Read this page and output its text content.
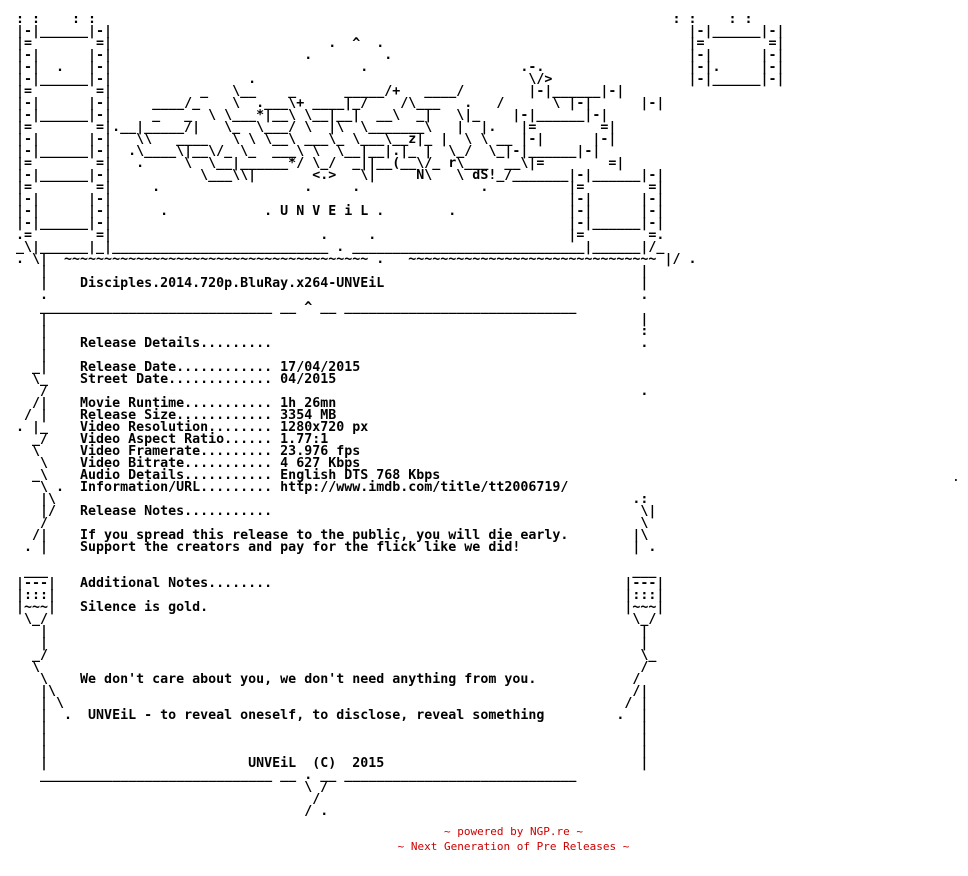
: :    : :                                                                        : :    : :
|-|______|-|                                                                        |-|______|-|
|=        =|                           .  ^  .                                      |=        =|
|-|      |-|                        .         .                                     |-|      |-|
|-|  .   |-|                               .                   .-.                  |-|.     |-|
|-|______|-|                 .                                  \/>                 |-|______|-|
|=        =|           _   \__    _      _____/+   ____/        |-|______|-|
|-|      |-|     ____/_    \  .___\+ ____|_/    /\___   .   /      \ |-|      |-|
|-|______|-|     _   _  \ \___*|__\ \__|__|  __\  _|   \|_    |-|______|-|
|=        =|.__|_____/|   \_  \___/ \  |\  \_______\   |  |.   |=        =|
|-|      |-|   \\   ____   \ \ \__\ ___\_ \___\__z|_ |  \ \ __ |-|      |-|
|-|______|-|  .\____\|__\/_ \_  ___\ \  \__|__|.|_ |  \_/  \_|-|______|-|
|=        =|   .     \  \__|______*/ \_/  _||__(__\/_ r\___  __\|=        =|
|-|______|-|           \___\\|       <.>   \|     N\   \ dS!_/_______|-|______|-|
|=        =|     .                  .     .               .          |=        =|
|-|      |-|                                                         |-|      |-|
|-|      |-|      .            . U N V E i L .        .              |-|      |-|
|-|______|-|                                                         |-|______|-|
.=        =|                          .     .                        |=        =.
_\|______|_|___________________________ . _____________________________|______|/_
. \|  ~~~~~~~~~~~~~~~~~~~~~~~~~~~~~~~~~~~~~~ .   ~~~~~~~~~~~~~~~~~~~~~~~~~~~~~~~ |/ .
|                                                                          |
|    Disciples.2014.720p.BluRay.x264-UNVEiL                                |
.                                                                          .
_____________________________ __ ^ __ _____________________________
|                                                                          |
|                                                                          :
|    Release Details.........                                              .
|
_|    Release Date............ 17/04/2015
\_    Street Date............. 04/2015
/                                                                          .
/|    Movie Runtime........... 1h 26mn
/ |    Release Size............ 3354 MB
. |_    Video Resolution........ 1280x720 px
_/    Video Aspect Ratio...... 1.77:1
\     Video Framerate......... 23.976 fps
\    Video Bitrate........... 4 627 Kbps
_\    Audio Details........... English DTS 768 Kbps
\ .  Information/URL......... http://www.imdb.com/title/tt2006719/
|\                                                                        .:
|/   Release Notes...........                                              \|
/                                                                          \
/|    If you spread this release to the public, you will die early.        |\
. |    Support the creators and pay for the flick like we did!              | .

___                                                                         ___
|---|   Additional Notes........                                            |---|
|:::|                                                                       |:::|
|~~~|   Silence is gold.                                                    |~~~|
\_/                                                                         \_/
|                                                                          |
|                                                                          |
_/                                                                          \_
\                                                                           /
\    We don't care about you, we don't need anything from you.            /
|\                                                                        /|
| \                                                                      / |
|  .  UNVEiL - to reveal oneself, to disclose, reveal something         .  |
|                                                                          |
|                                                                          |
|                                                                          |
|                         UNVEiL  (C)  2015                                |
_____________________________ __ . __ _____________________________
\ /
/
/ .
.
~ powered by NGP.re ~
~ Next Generation of Pre Releases ~
